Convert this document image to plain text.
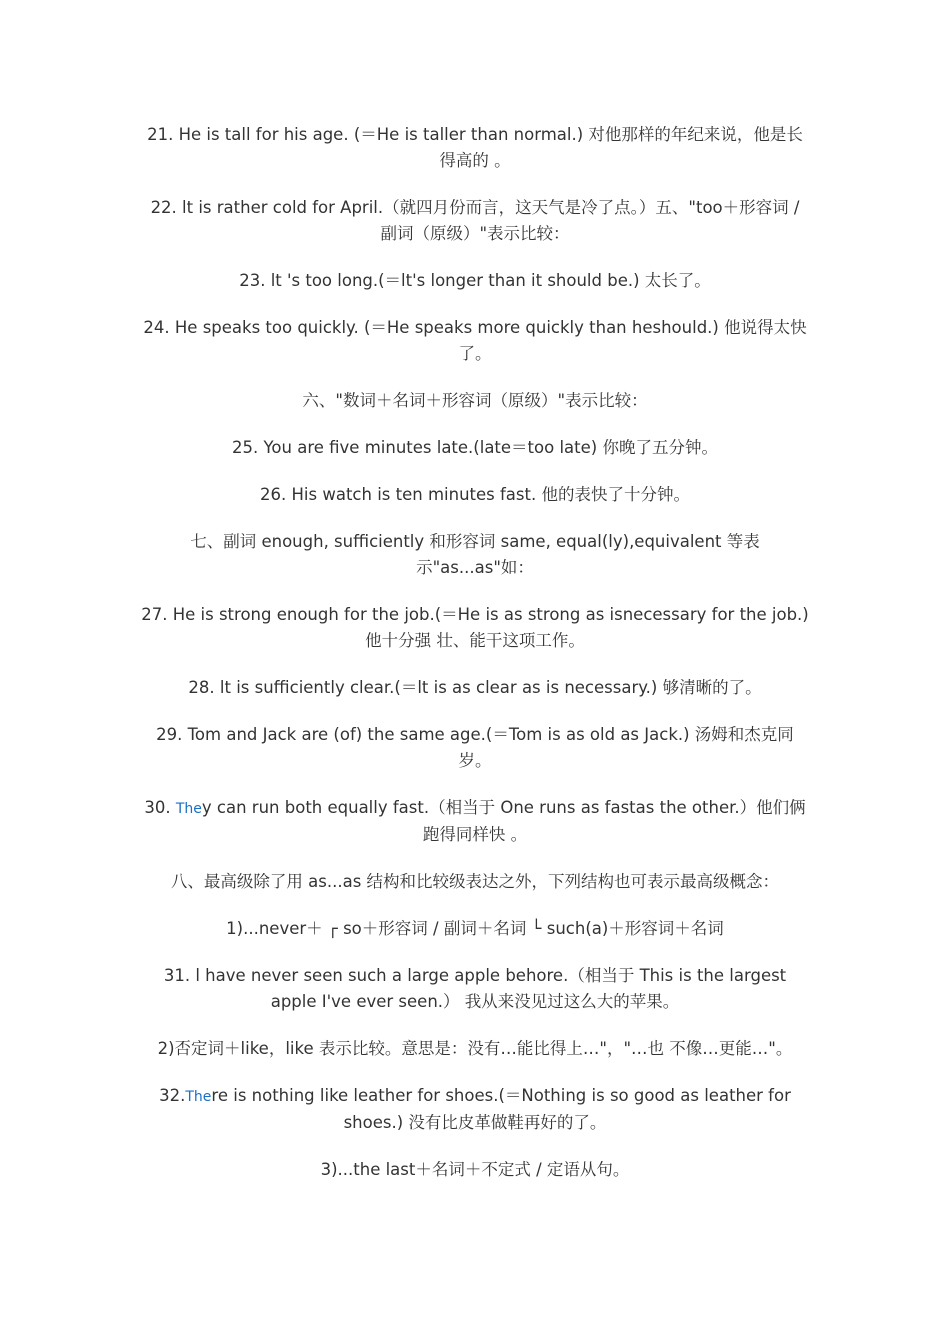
21. He is tall for his age. (＝He is taller than normal.) 对他那样的年纪来说，他是长得高的 。

22. lt is rather cold for April.（就四月份而言，这天气是冷了点。）五、"too＋形容词 / 副词（原级）"表示比较：

23. lt 's too long.(＝lt's longer than it should be.) 太长了。

24. He speaks too quickly. (＝He speaks more quickly than heshould.) 他说得太快了。

六、"数词＋名词＋形容词（原级）"表示比较：

25. You are five minutes late.(late＝too late) 你晚了五分钟。

26. His watch is ten minutes fast. 他的表快了十分钟。

七、副词 enough, sufficiently 和形容词 same, equal(ly),equivalent 等表示"as...as"如：

27. He is strong enough for the job.(＝He is as strong as isnecessary for the job.) 他十分强 壮、能干这项工作。

28. lt is sufficiently clear.(＝lt is as clear as is necessary.) 够清晰的了。

29. Tom and Jack are (of) the same age.(＝Tom is as old as Jack.) 汤姆和杰克同岁。

30. They can run both equally fast.（相当于 One runs as fastas the other.）他们俩跑得同样快 。

八、最高级除了用 as...as 结构和比较级表达之外，下列结构也可表示最高级概念：

1)...never＋ ┌ so＋形容词 / 副词＋名词 └ such(a)＋形容词＋名词

31. l have never seen such a large apple behore.（相当于 This is the largest apple I've ever seen.） 我从来没见过这么大的苹果。

2)否定词＋like，like 表示比较。意思是：没有…能比得上…"，"…也 不像…更能…"。

32.There is nothing like leather for shoes.(＝Nothing is so good as leather for shoes.) 没有比皮革做鞋再好的了。

3)...the last＋名词＋不定式 / 定语从句。
